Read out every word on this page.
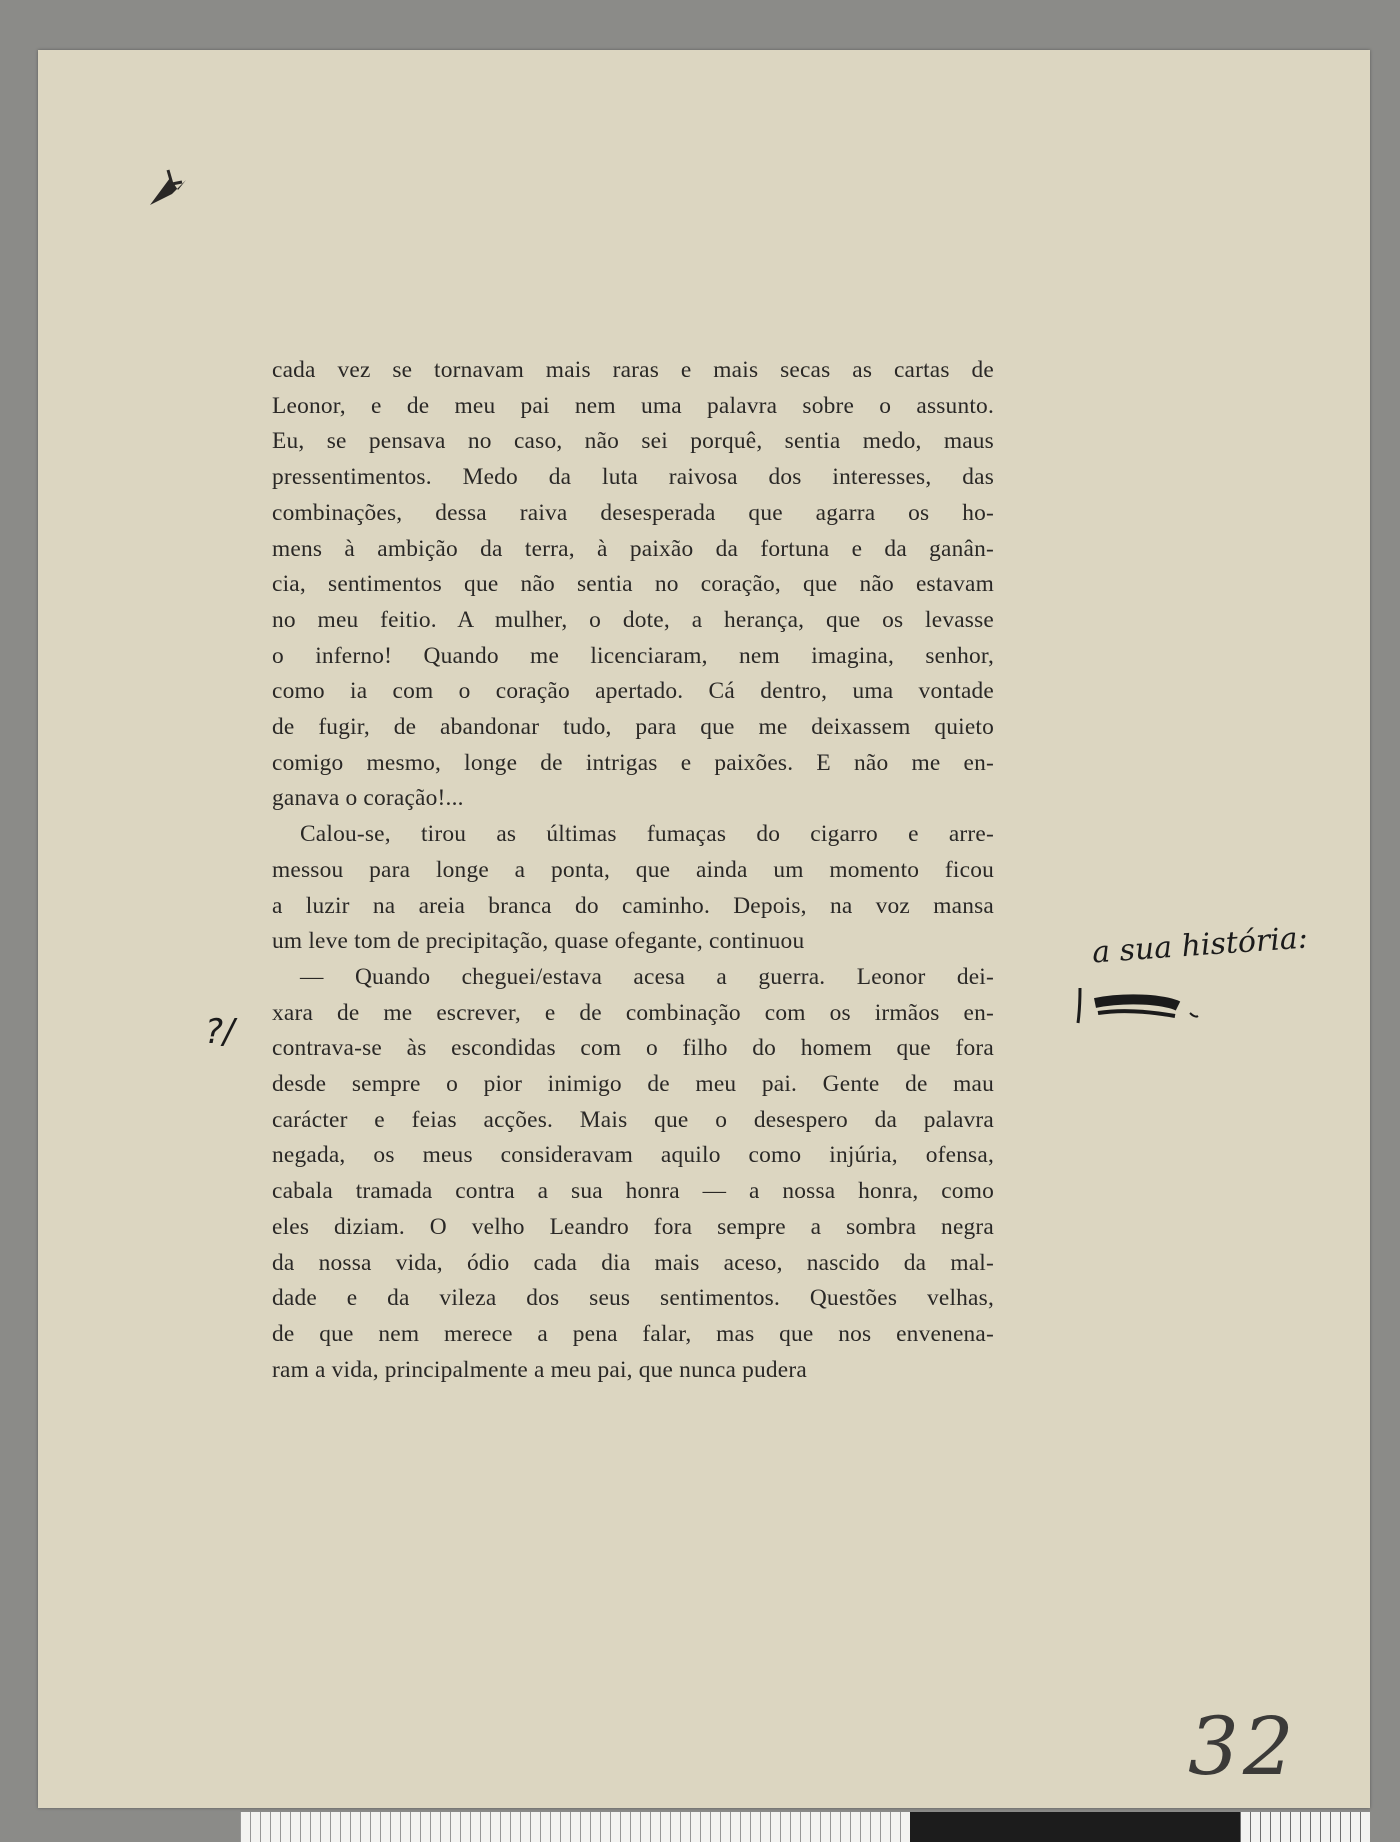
cada vez se tornavam mais raras e mais secas as cartas de
Leonor, e de meu pai nem uma palavra sobre o assunto.
Eu, se pensava no caso, não sei porquê, sentia medo, maus
pressentimentos. Medo da luta raivosa dos interesses, das
combinações, dessa raiva desesperada que agarra os ho-
mens à ambição da terra, à paixão da fortuna e da ganân-
cia, sentimentos que não sentia no coração, que não estavam
no meu feitio. A mulher, o dote, a herança, que os levasse
o inferno! Quando me licenciaram, nem imagina, senhor,
como ia com o coração apertado. Cá dentro, uma vontade
de fugir, de abandonar tudo, para que me deixassem quieto
comigo mesmo, longe de intrigas e paixões. E não me en-
ganava o coração!...
Calou-se, tirou as últimas fumaças do cigarro e arre-
messou para longe a ponta, que ainda um momento ficou
a luzir na areia branca do caminho. Depois, na voz mansa
um leve tom de precipitação, quase ofegante, continuou
— Quando cheguei/estava acesa a guerra. Leonor dei-
xara de me escrever, e de combinação com os irmãos en-
contrava-se às escondidas com o filho do homem que fora
desde sempre o pior inimigo de meu pai. Gente de mau
carácter e feias acções. Mais que o desespero da palavra
negada, os meus consideravam aquilo como injúria, ofensa,
cabala tramada contra a sua honra — a nossa honra, como
eles diziam. O velho Leandro fora sempre a sombra negra
da nossa vida, ódio cada dia mais aceso, nascido da mal-
dade e da vileza dos seus sentimentos. Questões velhas,
de que nem merece a pena falar, mas que nos envenena-
ram a vida, principalmente a meu pai, que nunca pudera
?/
a sua história:
32
